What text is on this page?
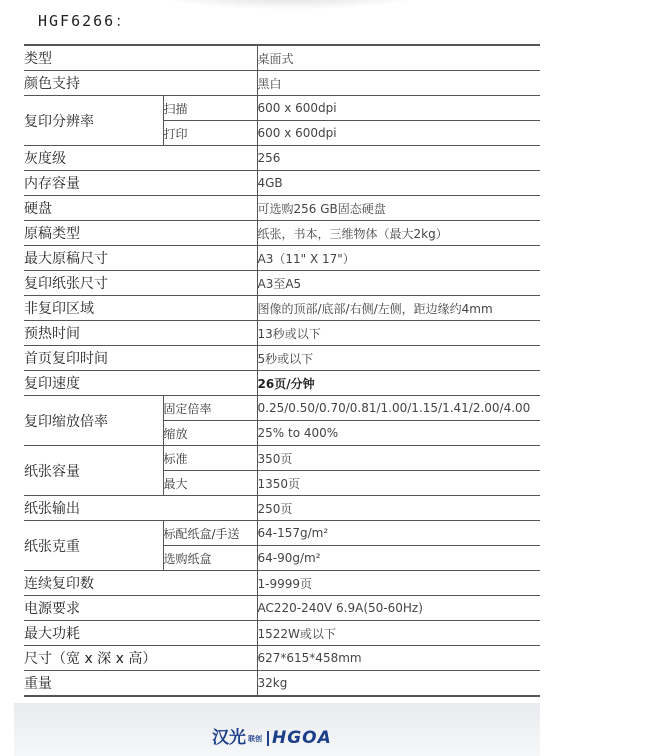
HGF6266：
类型		桌面式
颜色支持		黑白
复印分辨率	扫描	600 x 600dpi
	打印	600 x 600dpi
灰度级		256
内存容量		4GB
硬盘		可选购256 GB固态硬盘
原稿类型		纸张，书本，三维物体（最大2kg）
最大原稿尺寸		A3（11" X 17"）
复印纸张尺寸		A3至A5
非复印区域		图像的顶部/底部/右侧/左侧，距边缘约4mm
预热时间		13秒或以下
首页复印时间		5秒或以下
复印速度		26页/分钟
复印缩放倍率	固定倍率	0.25/0.50/0.70/0.81/1.00/1.15/1.41/2.00/4.00
	缩放	25% to 400%
纸张容量	标准	350页
	最大	1350页
纸张输出		250页
纸张克重	标配纸盒/手送	64-157g/m²
	选购纸盒	64-90g/m²
连续复印数		1-9999页
电源要求		AC220-240V 6.9A(50-60Hz)
最大功耗		1522W或以下
尺寸（宽 x 深 x 高）		627*615*458mm
重量		32kg
汉光 联创 HGOA
